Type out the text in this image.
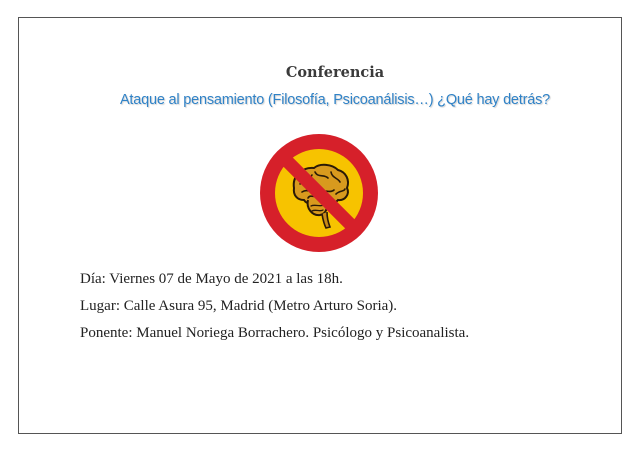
Conferencia
Ataque al pensamiento (Filosofía, Psicoanálisis…) ¿Qué hay detrás?
Día: Viernes 07 de Mayo de 2021 a las 18h.
Lugar: Calle Asura 95, Madrid (Metro Arturo Soria).
Ponente: Manuel Noriega Borrachero. Psicólogo y Psicoanalista.
